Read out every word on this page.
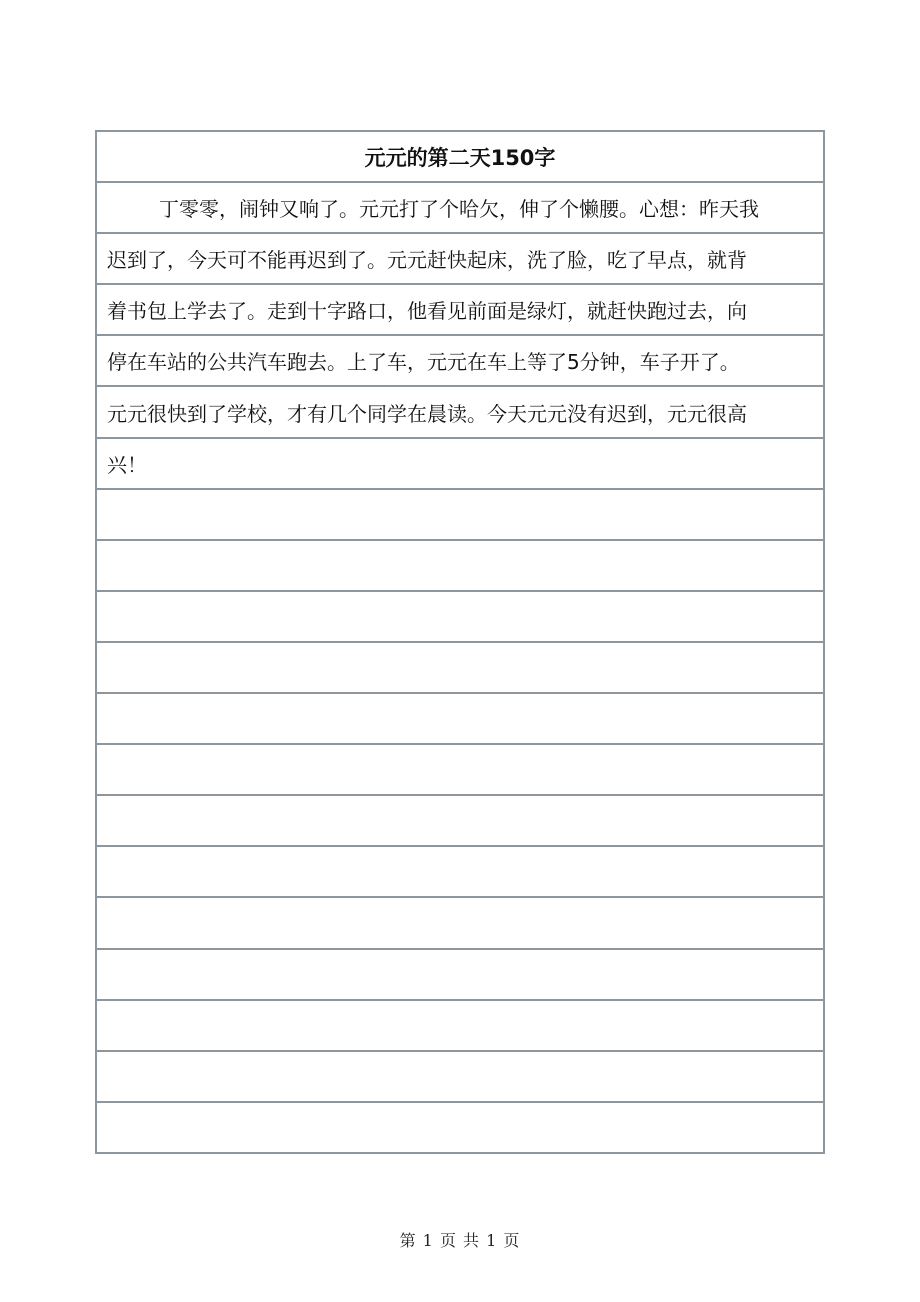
元元的第二天150字
丁零零，闹钟又响了。元元打了个哈欠，伸了个懒腰。心想：昨天我
迟到了，今天可不能再迟到了。元元赶快起床，洗了脸，吃了早点，就背
着书包上学去了。走到十字路口，他看见前面是绿灯，就赶快跑过去，向
停在车站的公共汽车跑去。上了车，元元在车上等了5分钟，车子开了。
元元很快到了学校，才有几个同学在晨读。今天元元没有迟到，元元很高
兴！
第 1 页 共 1 页
